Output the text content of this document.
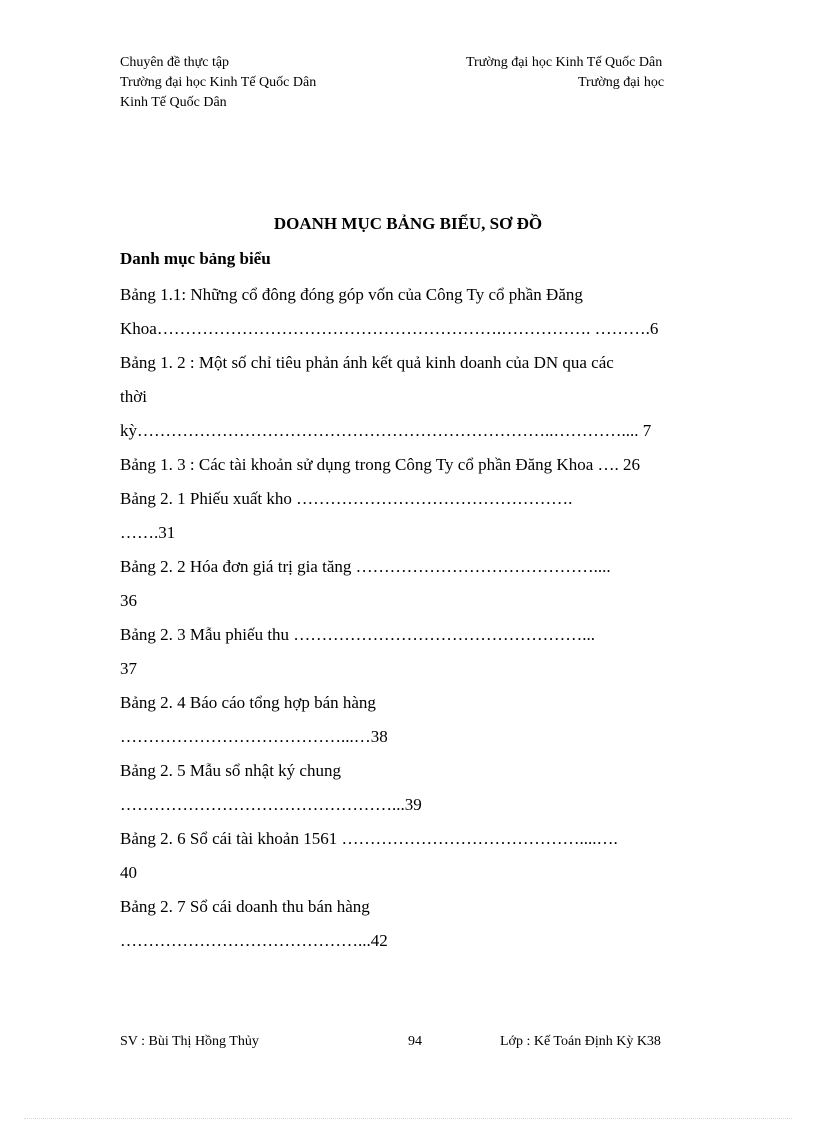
Chuyên đề thực tập	Trường đại học Kinh Tế Quốc Dân
Trường đại học Kinh Tế Quốc Dân	Trường đại học
Kinh Tế Quốc Dân
DOANH MỤC BẢNG BIỂU, SƠ ĐỒ
Danh mục bảng biểu
Bảng 1.1: Những cổ đông đóng góp vốn của Công Ty cổ phần Đăng
Khoa…………………………………………………….……………. ……….6
Bảng 1. 2 : Một số chỉ tiêu phản ánh kết quả kinh doanh của DN qua các
thời
kỳ………………………………………………………………..………….... 7
Bảng 1. 3 : Các tài khoản sử dụng trong Công Ty cổ phần Đăng Khoa …. 26
Bảng 2. 1 Phiếu xuất kho ………………………………………….
…….31
Bảng 2. 2 Hóa đơn giá trị gia tăng ……………………………………....
36
Bảng 2. 3 Mẫu phiếu thu ……………………………………………...
37
Bảng 2. 4 Báo cáo tổng hợp bán hàng
…………………………………...…38
Bảng 2. 5 Mẫu sổ nhật ký chung
…………………………………………...39
Bảng 2. 6 Sổ cái tài khoản 1561 ……………………………………....….
40
Bảng 2. 7 Sổ cái doanh thu bán hàng
……………………………………...42
SV : Bùi Thị Hồng Thủy	94	Lớp : Kế Toán Định Kỳ K38
